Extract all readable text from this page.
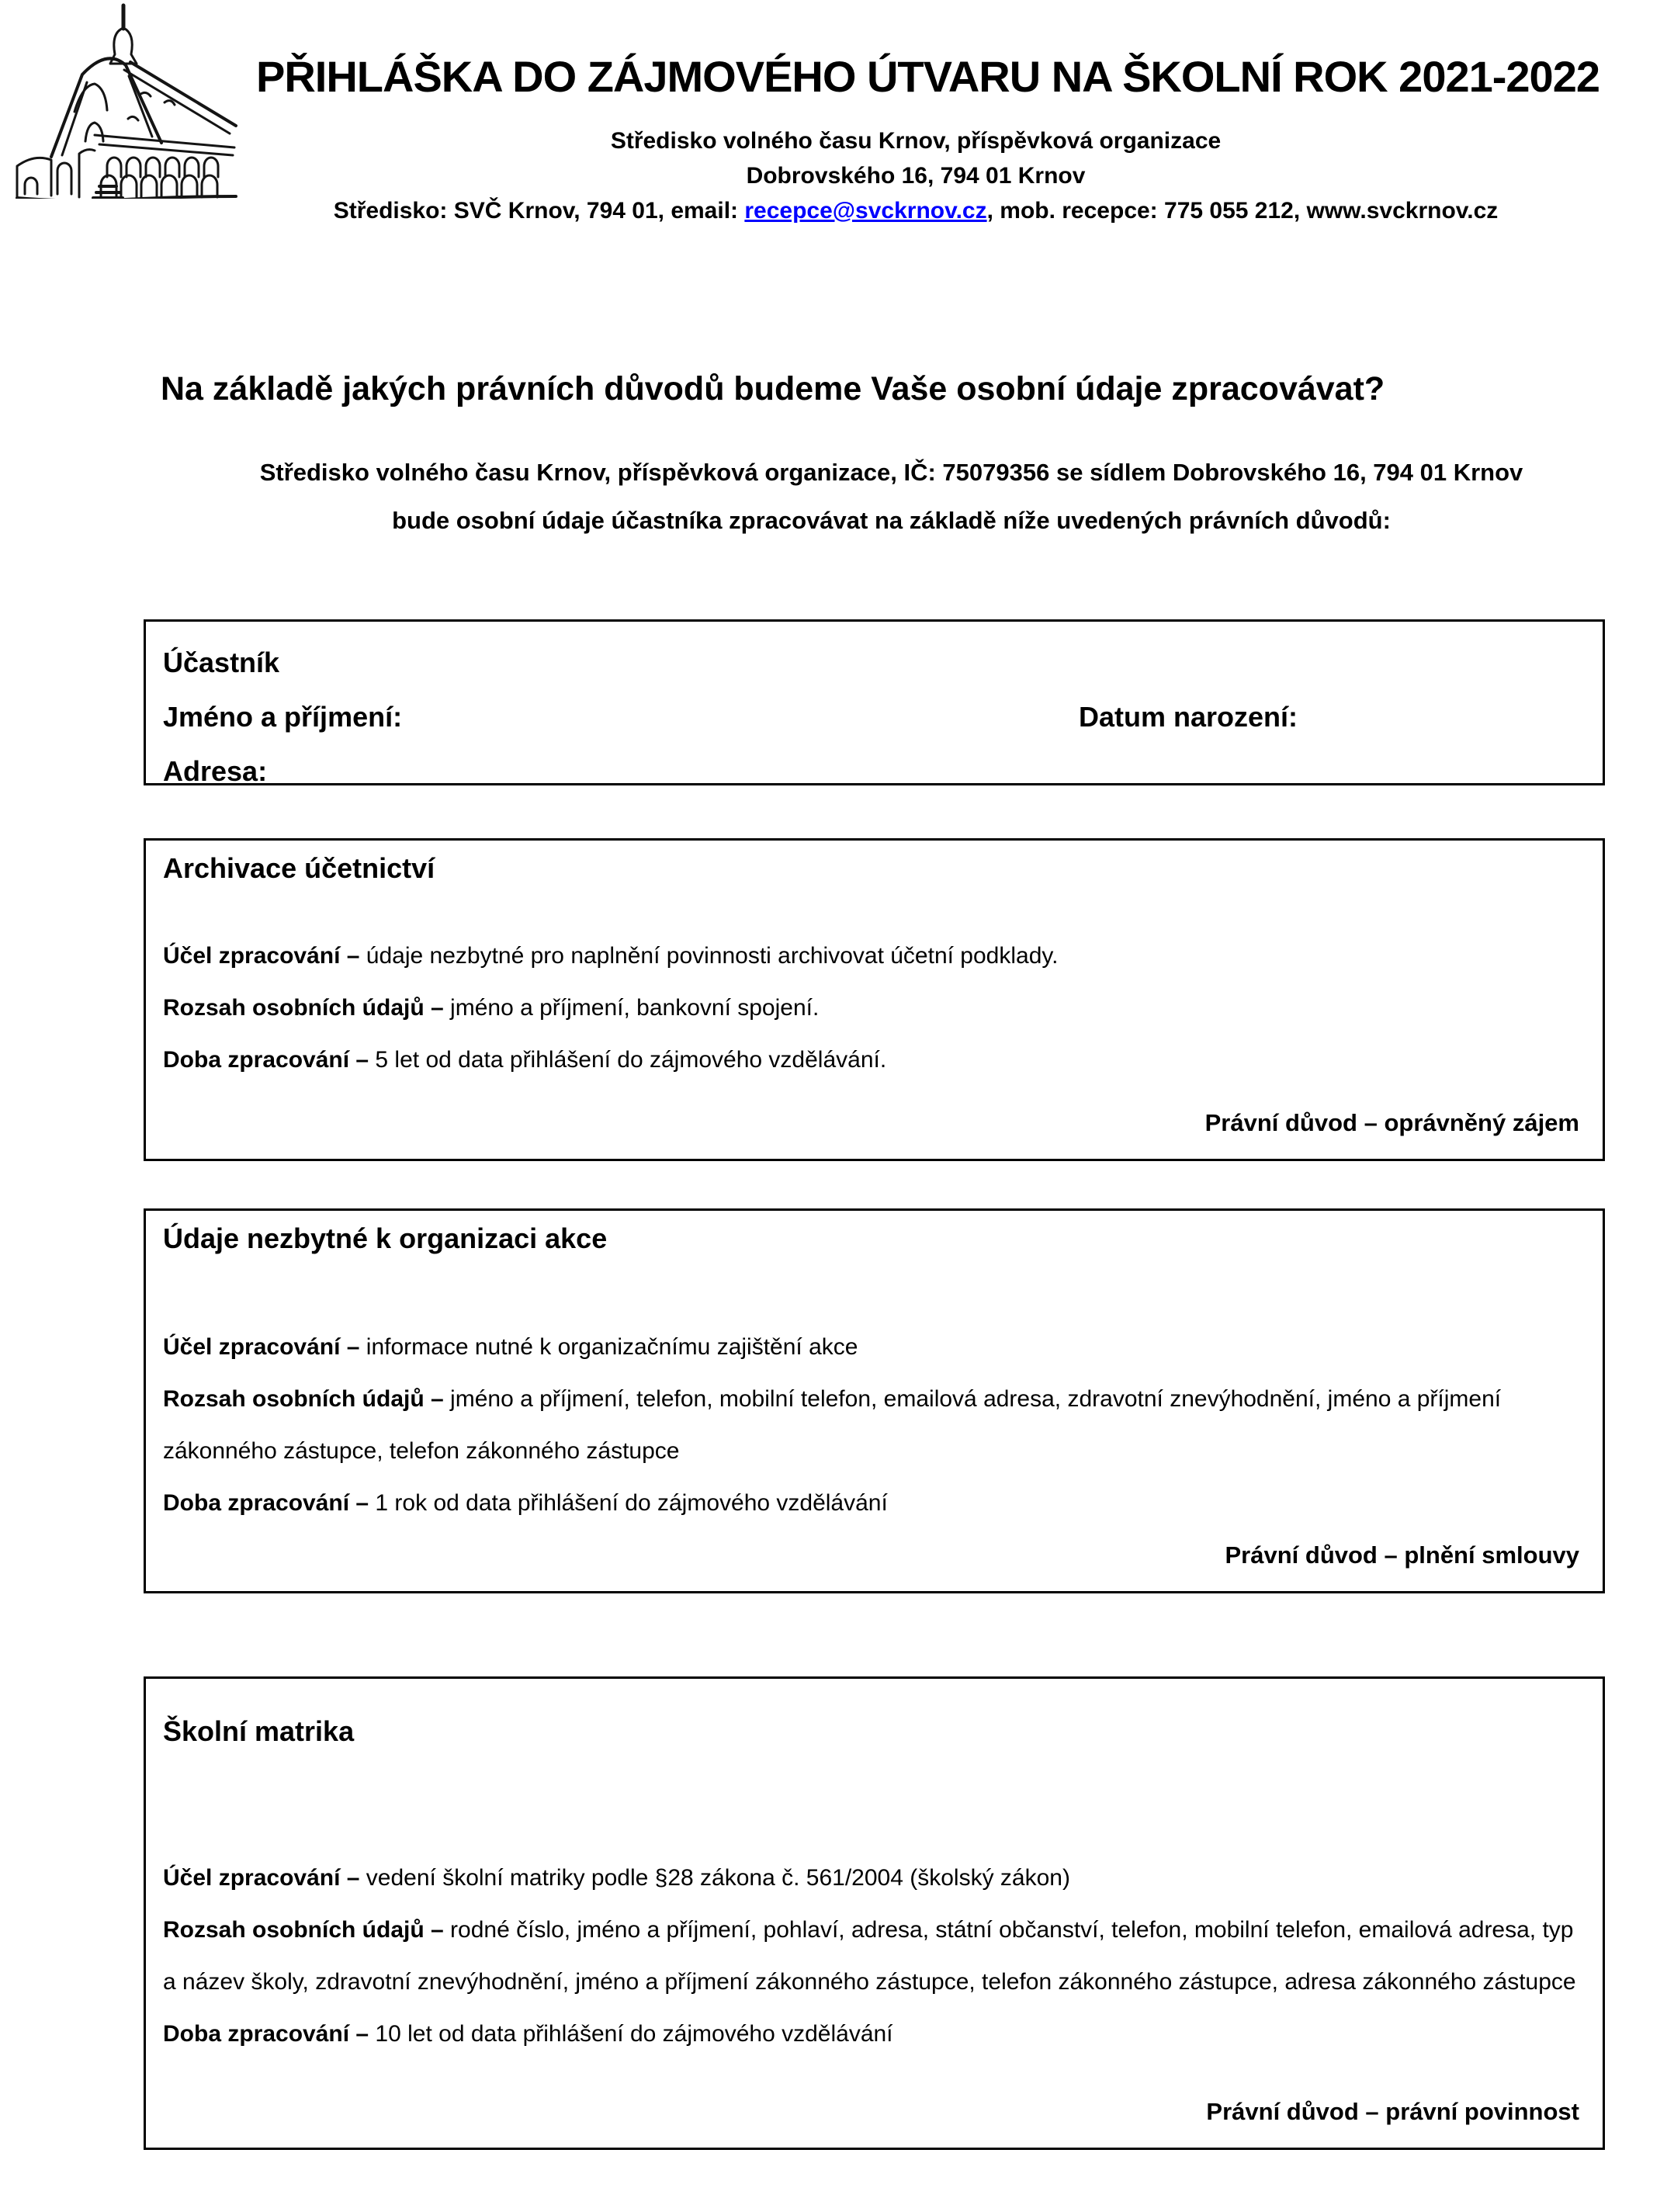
PŘIHLÁŠKA DO ZÁJMOVÉHO ÚTVARU NA ŠKOLNÍ ROK 2021-2022
Středisko volného času Krnov, příspěvková organizace
Dobrovského 16, 794 01 Krnov
Středisko: SVČ Krnov, 794 01, email: recepce@svckrnov.cz, mob. recepce: 775 055 212, www.svckrnov.cz
Na základě jakých právních důvodů budeme Vaše osobní údaje zpracovávat?
Středisko volného času Krnov, příspěvková organizace, IČ: 75079356 se sídlem Dobrovského 16, 794 01 Krnov
bude osobní údaje účastníka zpracovávat na základě níže uvedených právních důvodů:
Účastník
Jméno a příjmení:	Datum narození:
Adresa:
Archivace účetnictví

Účel zpracování – údaje nezbytné pro naplnění povinnosti archivovat účetní podklady.

Rozsah osobních údajů – jméno a příjmení, bankovní spojení.

Doba zpracování – 5 let od data přihlášení do zájmového vzdělávání.

Právní důvod – oprávněný zájem
Údaje nezbytné k organizaci akce

Účel zpracování – informace nutné k organizačnímu zajištění akce

Rozsah osobních údajů – jméno a příjmení, telefon, mobilní telefon, emailová adresa, zdravotní znevýhodnění, jméno a příjmení zákonného zástupce, telefon zákonného zástupce

Doba zpracování – 1 rok od data přihlášení do zájmového vzdělávání

Právní důvod – plnění smlouvy
Školní matrika

Účel zpracování – vedení školní matriky podle §28 zákona č. 561/2004 (školský zákon)

Rozsah osobních údajů – rodné číslo, jméno a příjmení, pohlaví, adresa, státní občanství, telefon, mobilní telefon, emailová adresa, typ a název školy, zdravotní znevýhodnění, jméno a příjmení zákonného zástupce, telefon zákonného zástupce, adresa zákonného zástupce

Doba zpracování – 10 let od data přihlášení do zájmového vzdělávání

Právní důvod – právní povinnost
